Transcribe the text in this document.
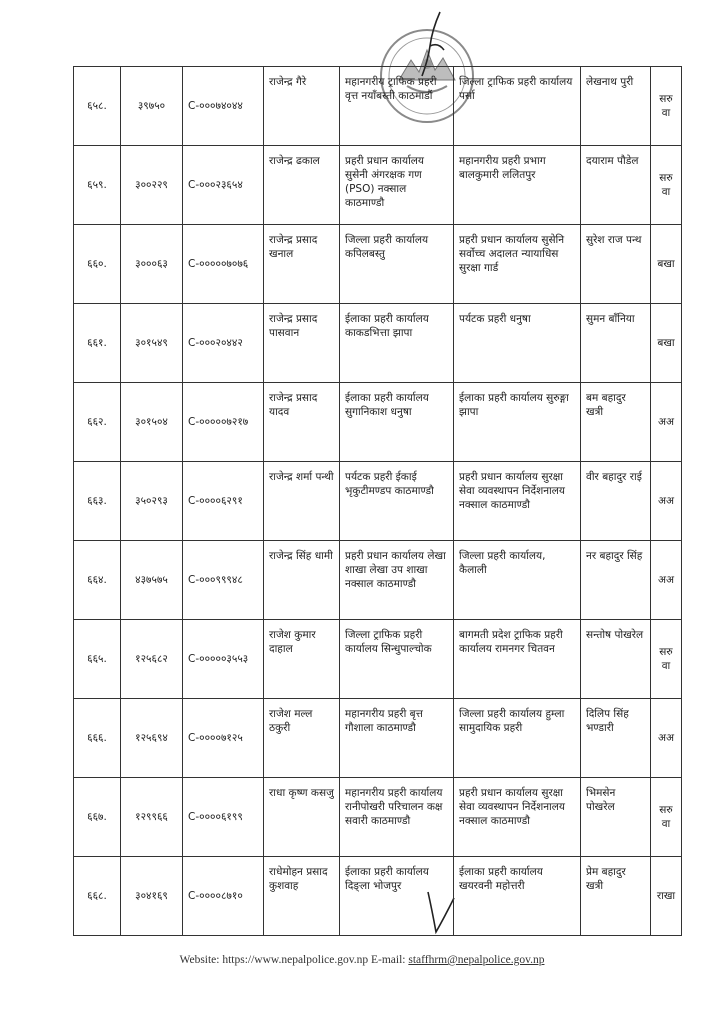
६५८.	३९७५०	C-०००७४०४४	राजेन्द्र गैरे	महानगरीय ट्राफिक प्रहरी वृत्त नयाँबस्ती काठमाडौं	जिल्ला ट्राफिक प्रहरी कार्यालय पर्सा	लेखनाथ पुरी	सरुवा
६५९.	३००२२९	C-०००२३६५४	राजेन्द्र ढकाल	प्रहरी प्रधान कार्यालय सुसेनी अंगरक्षक गण (PSO) नक्साल काठमाण्डौ	महानगरीय प्रहरी प्रभाग बालकुमारी ललितपुर	दयाराम पौडेल	सरुवा
६६०.	३०००६३	C-०००००७०७६	राजेन्द्र प्रसाद खनाल	जिल्ला प्रहरी कार्यालय कपिलबस्तु	प्रहरी प्रधान कार्यालय सुसेनि सर्वोच्च अदालत न्यायाधिस सुरक्षा गार्ड	सुरेश राज पन्थ	बखा
६६१.	३०१५४९	C-०००२०४४२	राजेन्द्र प्रसाद पासवान	ईलाका प्रहरी कार्यालय काकडभित्ता झापा	पर्यटक प्रहरी धनुषा	सुमन बाँनिया	बखा
६६२.	३०१५०४	C-०००००७२१७	राजेन्द्र प्रसाद यादव	ईलाका प्रहरी कार्यालय सुगानिकाश धनुषा	ईलाका प्रहरी कार्यालय सुरुङ्गा झापा	बम बहादुर खत्री	अअ
६६३.	३५०२९३	C-००००६२९१	राजेन्द्र शर्मा पन्थी	पर्यटक प्रहरी ईकाई भृकुटीमण्डप काठमाण्डौ	प्रहरी प्रधान कार्यालय सुरक्षा सेवा व्यवस्थापन निर्देशनालय नक्साल काठमाण्डौ	वीर बहादुर राई	अअ
६६४.	४३७५७५	C-०००९९९४८	राजेन्द्र सिंह धामी	प्रहरी प्रधान कार्यालय लेखा शाखा लेखा उप शाखा नक्साल काठमाण्डौ	जिल्ला प्रहरी कार्यालय, कैलाली	नर बहादुर सिंह	अअ
६६५.	१२५६८२	C-०००००३५५३	राजेश कुमार दाहाल	जिल्ला ट्राफिक प्रहरी कार्यालय सिन्धुपाल्चोक	बागमती प्रदेश ट्राफिक प्रहरी कार्यालय रामनगर चितवन	सन्तोष पोखरेल	सरुवा
६६६.	१२५६९४	C-००००७१२५	राजेश मल्ल ठकुरी	महानगरीय प्रहरी बृत्त गौशाला काठमाण्डौ	जिल्ला प्रहरी कार्यालय हुम्ला सामुदायिक प्रहरी	दिलिप सिंह भण्डारी	अअ
६६७.	१२९९६६	C-००००६१९९	राधा कृष्ण कसजु	महानगरीय प्रहरी कार्यालय रानीपोखरी परिचालन कक्ष सवारी काठमाण्डौ	प्रहरी प्रधान कार्यालय सुरक्षा सेवा व्यवस्थापन निर्देशनालय नक्साल काठमाण्डौ	भिमसेन पोखरेल	सरुवा
६६८.	३०४१६९	C-००००८७१०	राधेमोहन प्रसाद कुशवाह	ईलाका प्रहरी कार्यालय दिङ्ला भोजपुर	ईलाका प्रहरी कार्यालय खयरवनी महोत्तरी	प्रेम बहादुर खत्री	राखा
Website: https://www.nepalpolice.gov.np E-mail: staffhrm@nepalpolice.gov.np
